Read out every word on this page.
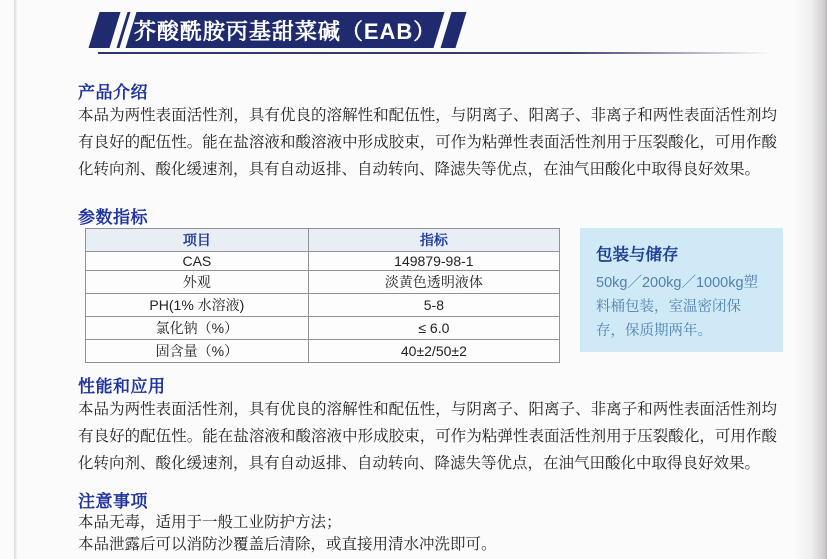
芥酸酰胺丙基甜菜碱（EAB）
产品介绍
本品为两性表面活性剂，具有优良的溶解性和配伍性，与阴离子、阳离子、非离子和两性表面活性剂均有良好的配伍性。能在盐溶液和酸溶液中形成胶束，可作为粘弹性表面活性剂用于压裂酸化，可用作酸化转向剂、酸化缓速剂，具有自动返排、自动转向、降滤失等优点，在油气田酸化中取得良好效果。
参数指标
项目	指标
CAS	149879-98-1
外观	淡黄色透明液体
PH(1% 水溶液)	5-8
氯化钠（%）	≤ 6.0
固含量（%）	40±2/50±2
包装与储存
50kg／200kg／1000kg塑料桶包装，室温密闭保存，保质期两年。
性能和应用
本品为两性表面活性剂，具有优良的溶解性和配伍性，与阴离子、阳离子、非离子和两性表面活性剂均有良好的配伍性。能在盐溶液和酸溶液中形成胶束，可作为粘弹性表面活性剂用于压裂酸化，可用作酸化转向剂、酸化缓速剂，具有自动返排、自动转向、降滤失等优点，在油气田酸化中取得良好效果。
注意事项
本品无毒，适用于一般工业防护方法；
本品泄露后可以消防沙覆盖后清除，或直接用清水冲洗即可。
